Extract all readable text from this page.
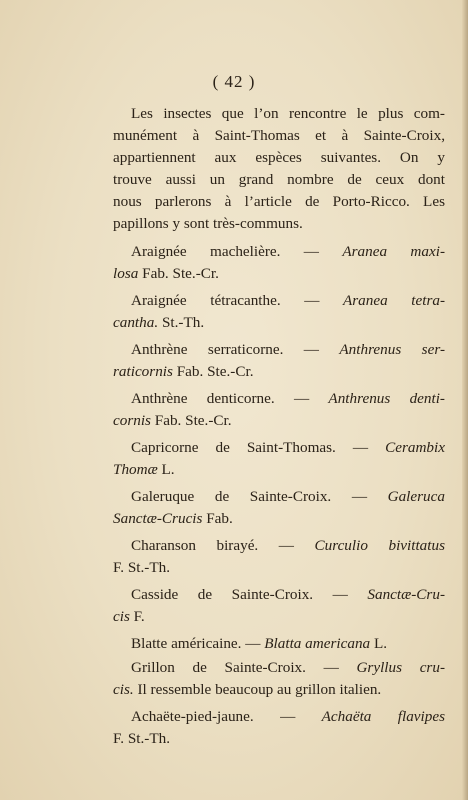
( 42 )
Les insectes que l’on rencontre le plus com-
munément à Saint-Thomas et à Sainte-Croix,
appartiennent aux espèces suivantes. On y
trouve aussi un grand nombre de ceux dont
nous parlerons à l’article de Porto-Ricco. Les
papillons y sont très-communs.
Araignée machelière. — Aranea maxi-
losa Fab. Ste.-Cr.
Araignée tétracanthe. — Aranea tetra-
cantha. St.-Th.
Anthrène serraticorne. — Anthrenus ser-
raticornis Fab. Ste.-Cr.
Anthrène denticorne. — Anthrenus denti-
cornis Fab. Ste.-Cr.
Capricorne de Saint-Thomas. — Cerambix
Thomæ L.
Galeruque de Sainte-Croix. — Galeruca
Sanctæ-Crucis Fab.
Charanson birayé. — Curculio bivittatus
F. St.-Th.
Casside de Sainte-Croix. — Sanctæ-Cru-
cis F.
Blatte américaine. — Blatta americana L.
Grillon de Sainte-Croix. — Gryllus cru-
cis. Il ressemble beaucoup au grillon italien.
Achaëte-pied-jaune. — Achaëta flavipes
F. St.-Th.
